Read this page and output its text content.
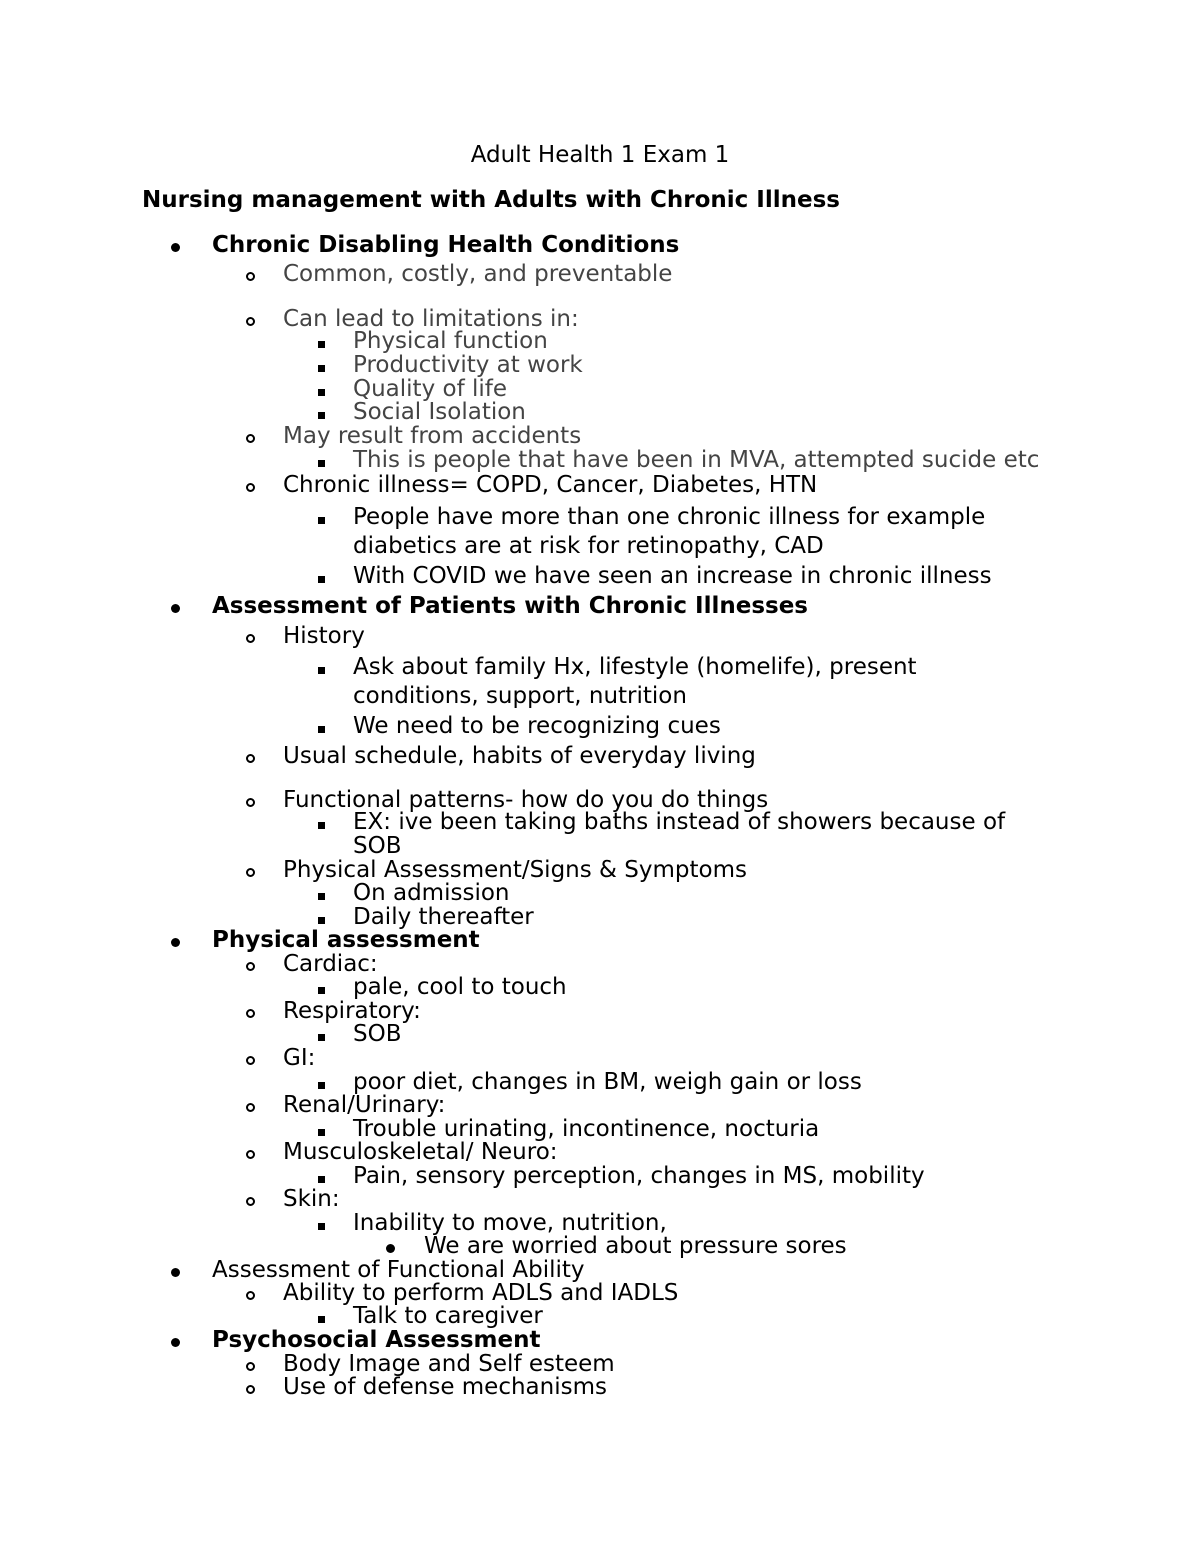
Adult Health 1 Exam 1
Nursing management with Adults with Chronic Illness
Chronic Disabling Health Conditions
Common, costly, and preventable
Can lead to limitations in:
Physical function
Productivity at work
Quality of life
Social Isolation
May result from accidents
This is people that have been in MVA, attempted sucide etc
Chronic illness= COPD, Cancer, Diabetes, HTN
People have more than one chronic illness for example
diabetics are at risk for retinopathy, CAD
With COVID we have seen an increase in chronic illness
Assessment of Patients with Chronic Illnesses
History
Ask about family Hx, lifestyle (homelife), present
conditions, support, nutrition
We need to be recognizing cues
Usual schedule, habits of everyday living
Functional patterns- how do you do things
EX: ive been taking baths instead of showers because of
SOB
Physical Assessment/Signs & Symptoms
On admission
Daily thereafter
Physical assessment
Cardiac:
pale, cool to touch
Respiratory:
SOB
GI:
poor diet, changes in BM, weigh gain or loss
Renal/Urinary:
Trouble urinating, incontinence, nocturia
Musculoskeletal/ Neuro:
Pain, sensory perception, changes in MS, mobility
Skin:
Inability to move, nutrition,
We are worried about pressure sores
Assessment of Functional Ability
Ability to perform ADLS and IADLS
Talk to caregiver
Psychosocial Assessment
Body Image and Self esteem
Use of defense mechanisms
